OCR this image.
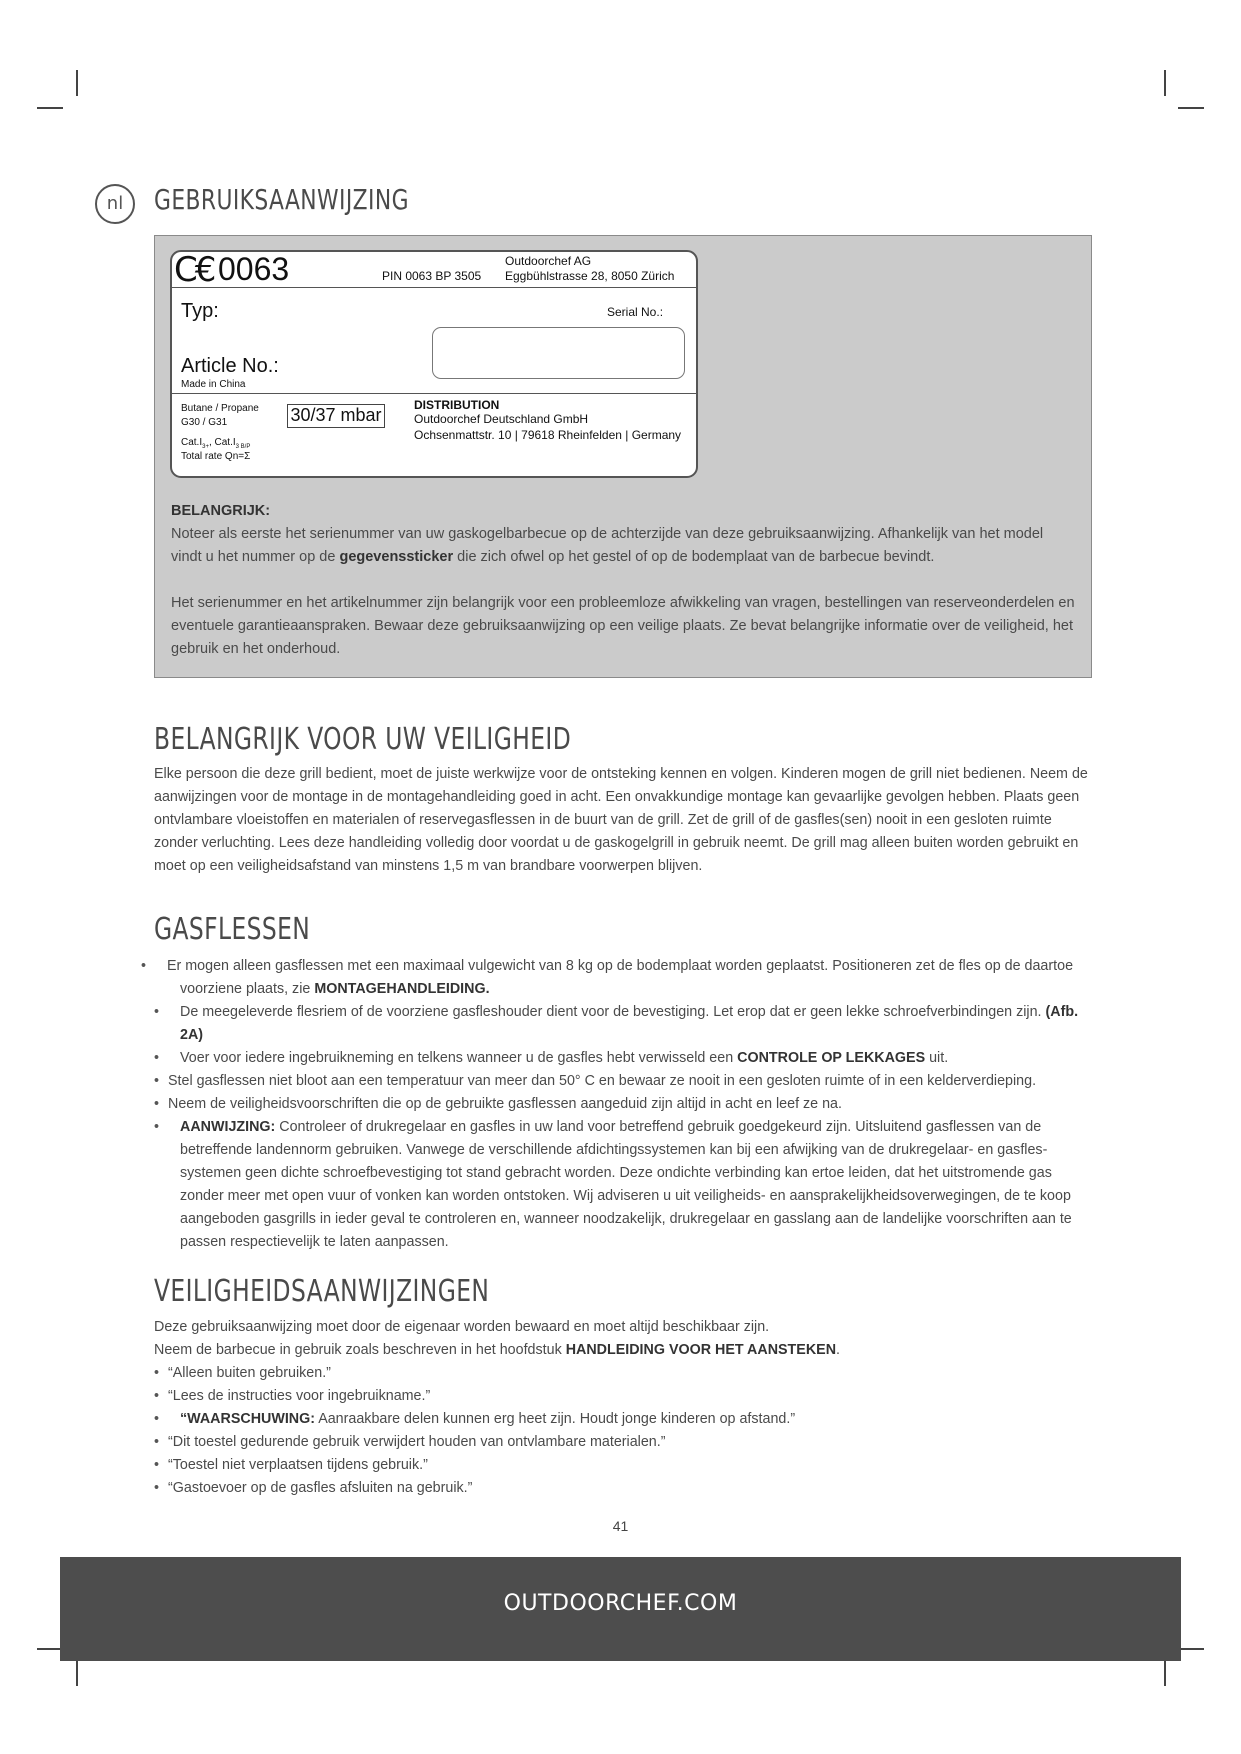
nl	GEBRUIKSAANWIJZING
C€ 0063	PIN 0063 BP 3505
Outdoorchef AG
Eggbühlstrasse 28, 8050 Zürich
Typ:	Serial No.:
Article No.:
Made in China
Butane / Propane
G30 / G31	30/37 mbar
$Cat.I_{3+}$, $Cat.I_{3 B/P}$
Total rate Qn=Σ
DISTRIBUTION
Outdoorchef Deutschland GmbH
Ochsenmattstr. 10 | 79618 Rheinfelden | Germany

BELANGRIJK:

Noteer als eerste het serienummer van uw gaskogelbarbecue op de achterzijde van deze gebruiksaanwijzing. Afhankelijk van het model vindt u het nummer op de gegevenssticker die zich ofwel op het gestel of op de bodemplaat van de barbecue bevindt.

Het serienummer en het artikelnummer zijn belangrijk voor een probleemloze afwikkeling van vragen, bestellingen van reserveonderdelen en eventuele garantieaanspraken. Bewaar deze gebruiksaanwijzing op een veilige plaats. Ze bevat belangrijke informatie over de veiligheid, het gebruik en het onderhoud.

BELANGRIJK VOOR UW VEILIGHEID

Elke persoon die deze grill bedient, moet de juiste werkwijze voor de ontsteking kennen en volgen. Kinderen mogen de grill niet bedienen. Neem de aanwijzingen voor de montage in de montagehandleiding goed in acht. Een onvakkundige montage kan gevaarlijke gevolgen hebben. Plaats geen ontvlambare vloeistoffen en materialen of reservegasflessen in de buurt van de grill. Zet de grill of de gasfles(sen) nooit in een gesloten ruimte zonder verluchting. Lees deze handleiding volledig door voordat u de gaskogelgrill in gebruik neemt. De grill mag alleen buiten worden gebruikt en moet op een veiligheidsafstand van minstens 1,5 m van brandbare voorwerpen blijven.

GASFLESSEN
• Er mogen alleen gasflessen met een maximaal vulgewicht van 8 kg op de bodemplaat worden geplaatst. Positioneren zet de fles op de daartoe voorziene plaats, zie MONTAGEHANDLEIDING.
• De meegeleverde flesriem of de voorziene gasfleshouder dient voor de bevestiging. Let erop dat er geen lekke schroefverbindingen zijn. (Afb. 2A)
• Voer voor iedere ingebruikneming en telkens wanneer u de gasfles hebt verwisseld een CONTROLE OP LEKKAGES uit.
• Stel gasflessen niet bloot aan een temperatuur van meer dan 50° C en bewaar ze nooit in een gesloten ruimte of in een kelderverdieping.
• Neem de veiligheidsvoorschriften die op de gebruikte gasflessen aangeduid zijn altijd in acht en leef ze na.
• AANWIJZING: Controleer of drukregelaar en gasfles in uw land voor betreffend gebruik goedgekeurd zijn. Uitsluitend gasflessen van de betreffende landennorm gebruiken. Vanwege de verschillende afdichtingssystemen kan bij een afwijking van de drukregelaar- en gasfles-systemen geen dichte schroefbevestiging tot stand gebracht worden. Deze ondichte verbinding kan ertoe leiden, dat het uitstromende gas zonder meer met open vuur of vonken kan worden ontstoken. Wij adviseren u uit veiligheids- en aansprakelijkheidsoverwegingen, de te koop aangeboden gasgrills in ieder geval te controleren en, wanneer noodzakelijk, drukregelaar en gasslang aan de landelijke voorschriften aan te passen respectievelijk te laten aanpassen.
VEILIGHEIDSAANWIJZINGEN

Deze gebruiksaanwijzing moet door de eigenaar worden bewaard en moet altijd beschikbaar zijn.

Neem de barbecue in gebruik zoals beschreven in het hoofdstuk HANDLEIDING VOOR HET AANSTEKEN.

• “Alleen buiten gebruiken.”
• “Lees de instructies voor ingebruikname.”
• “WAARSCHUWING: Aanraakbare delen kunnen erg heet zijn. Houdt jonge kinderen op afstand.”
• “Dit toestel gedurende gebruik verwijdert houden van ontvlambare materialen.”
• “Toestel niet verplaatsen tijdens gebruik.”
• “Gastoevoer op de gasfles afsluiten na gebruik.”
41
OUTDOORCHEF.COM
